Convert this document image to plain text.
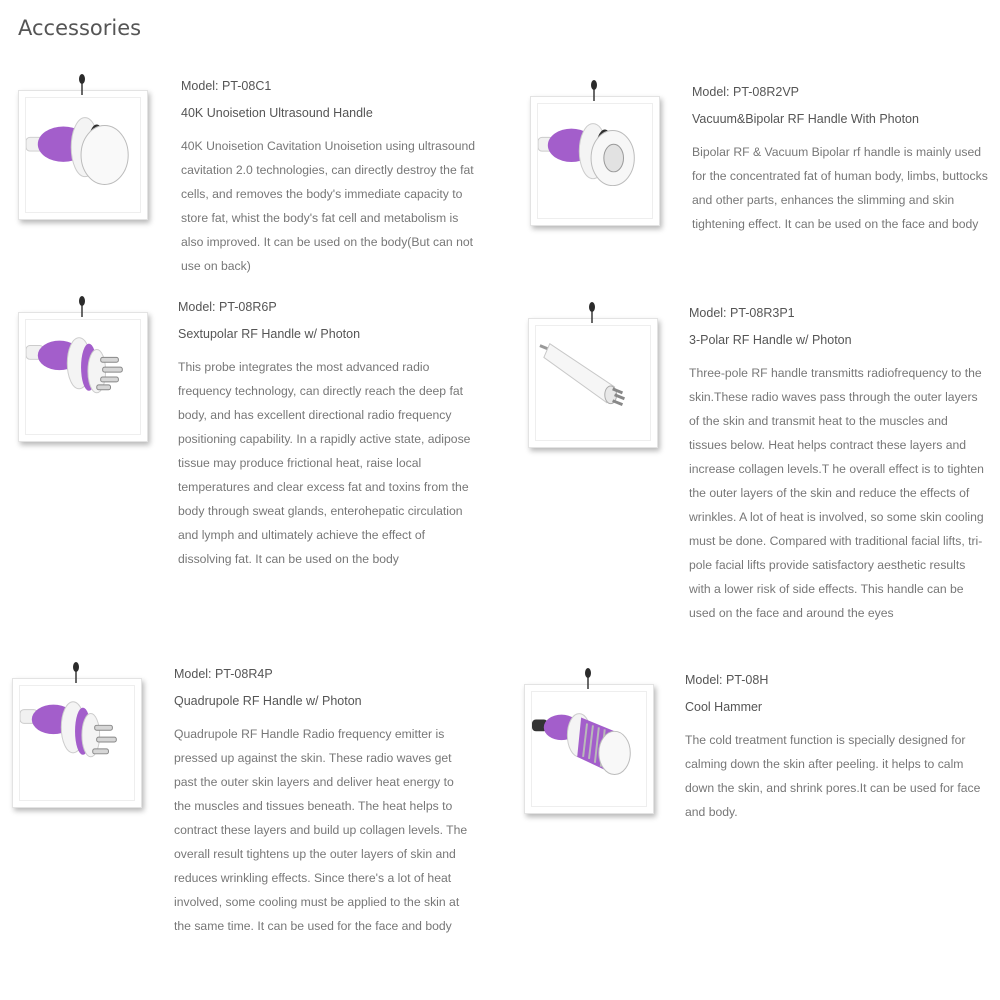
Accessories

Model: PT-08C1

40K Unoisetion Ultrasound Handle

40K Unoisetion Cavitation Unoisetion using ultrasound cavitation 2.0 technologies, can directly destroy the fat cells, and removes the body's immediate capacity to store fat, whist the body's fat cell and metabolism is also improved. It can be used on the body(But can not use on back)

Model: PT-08R2VP

Vacuum&Bipolar RF Handle With Photon

Bipolar RF & Vacuum Bipolar rf handle is mainly used for the concentrated fat of human body, limbs, buttocks and other parts, enhances the slimming and skin tightening effect. It can be used on the face and body

Model: PT-08R6P

Sextupolar RF Handle w/ Photon

This probe integrates the most advanced radio frequency technology, can directly reach the deep fat body, and has excellent directional radio frequency positioning capability. In a rapidly active state, adipose tissue may produce frictional heat, raise local temperatures and clear excess fat and toxins from the body through sweat glands, enterohepatic circulation and lymph and ultimately achieve the effect of dissolving fat. It can be used on the body

Model: PT-08R3P1

3-Polar RF Handle w/ Photon

Three-pole RF handle transmitts radiofrequency to the skin.These radio waves pass through the outer layers of the skin and transmit heat to the muscles and tissues below. Heat helps contract these layers and increase collagen levels.T he overall effect is to tighten the outer layers of the skin and reduce the effects of wrinkles. A lot of heat is involved, so some skin cooling must be done. Compared with traditional facial lifts, tri-pole facial lifts provide satisfactory aesthetic results with a lower risk of side effects. This handle can be used on the face and around the eyes

Model: PT-08R4P

Quadrupole RF Handle w/ Photon

Quadrupole RF Handle Radio frequency emitter is pressed up against the skin. These radio waves get past the outer skin layers and deliver heat energy to the muscles and tissues beneath. The heat helps to contract these layers and build up collagen levels. The overall result tightens up the outer layers of skin and reduces wrinkling effects. Since there's a lot of heat involved, some cooling must be applied to the skin at the same time. It can be used for the face and body

Model: PT-08H

Cool Hammer

The cold treatment function is specially designed for calming down the skin after peeling. it helps to calm down the skin, and shrink pores.It can be used for face and body.
